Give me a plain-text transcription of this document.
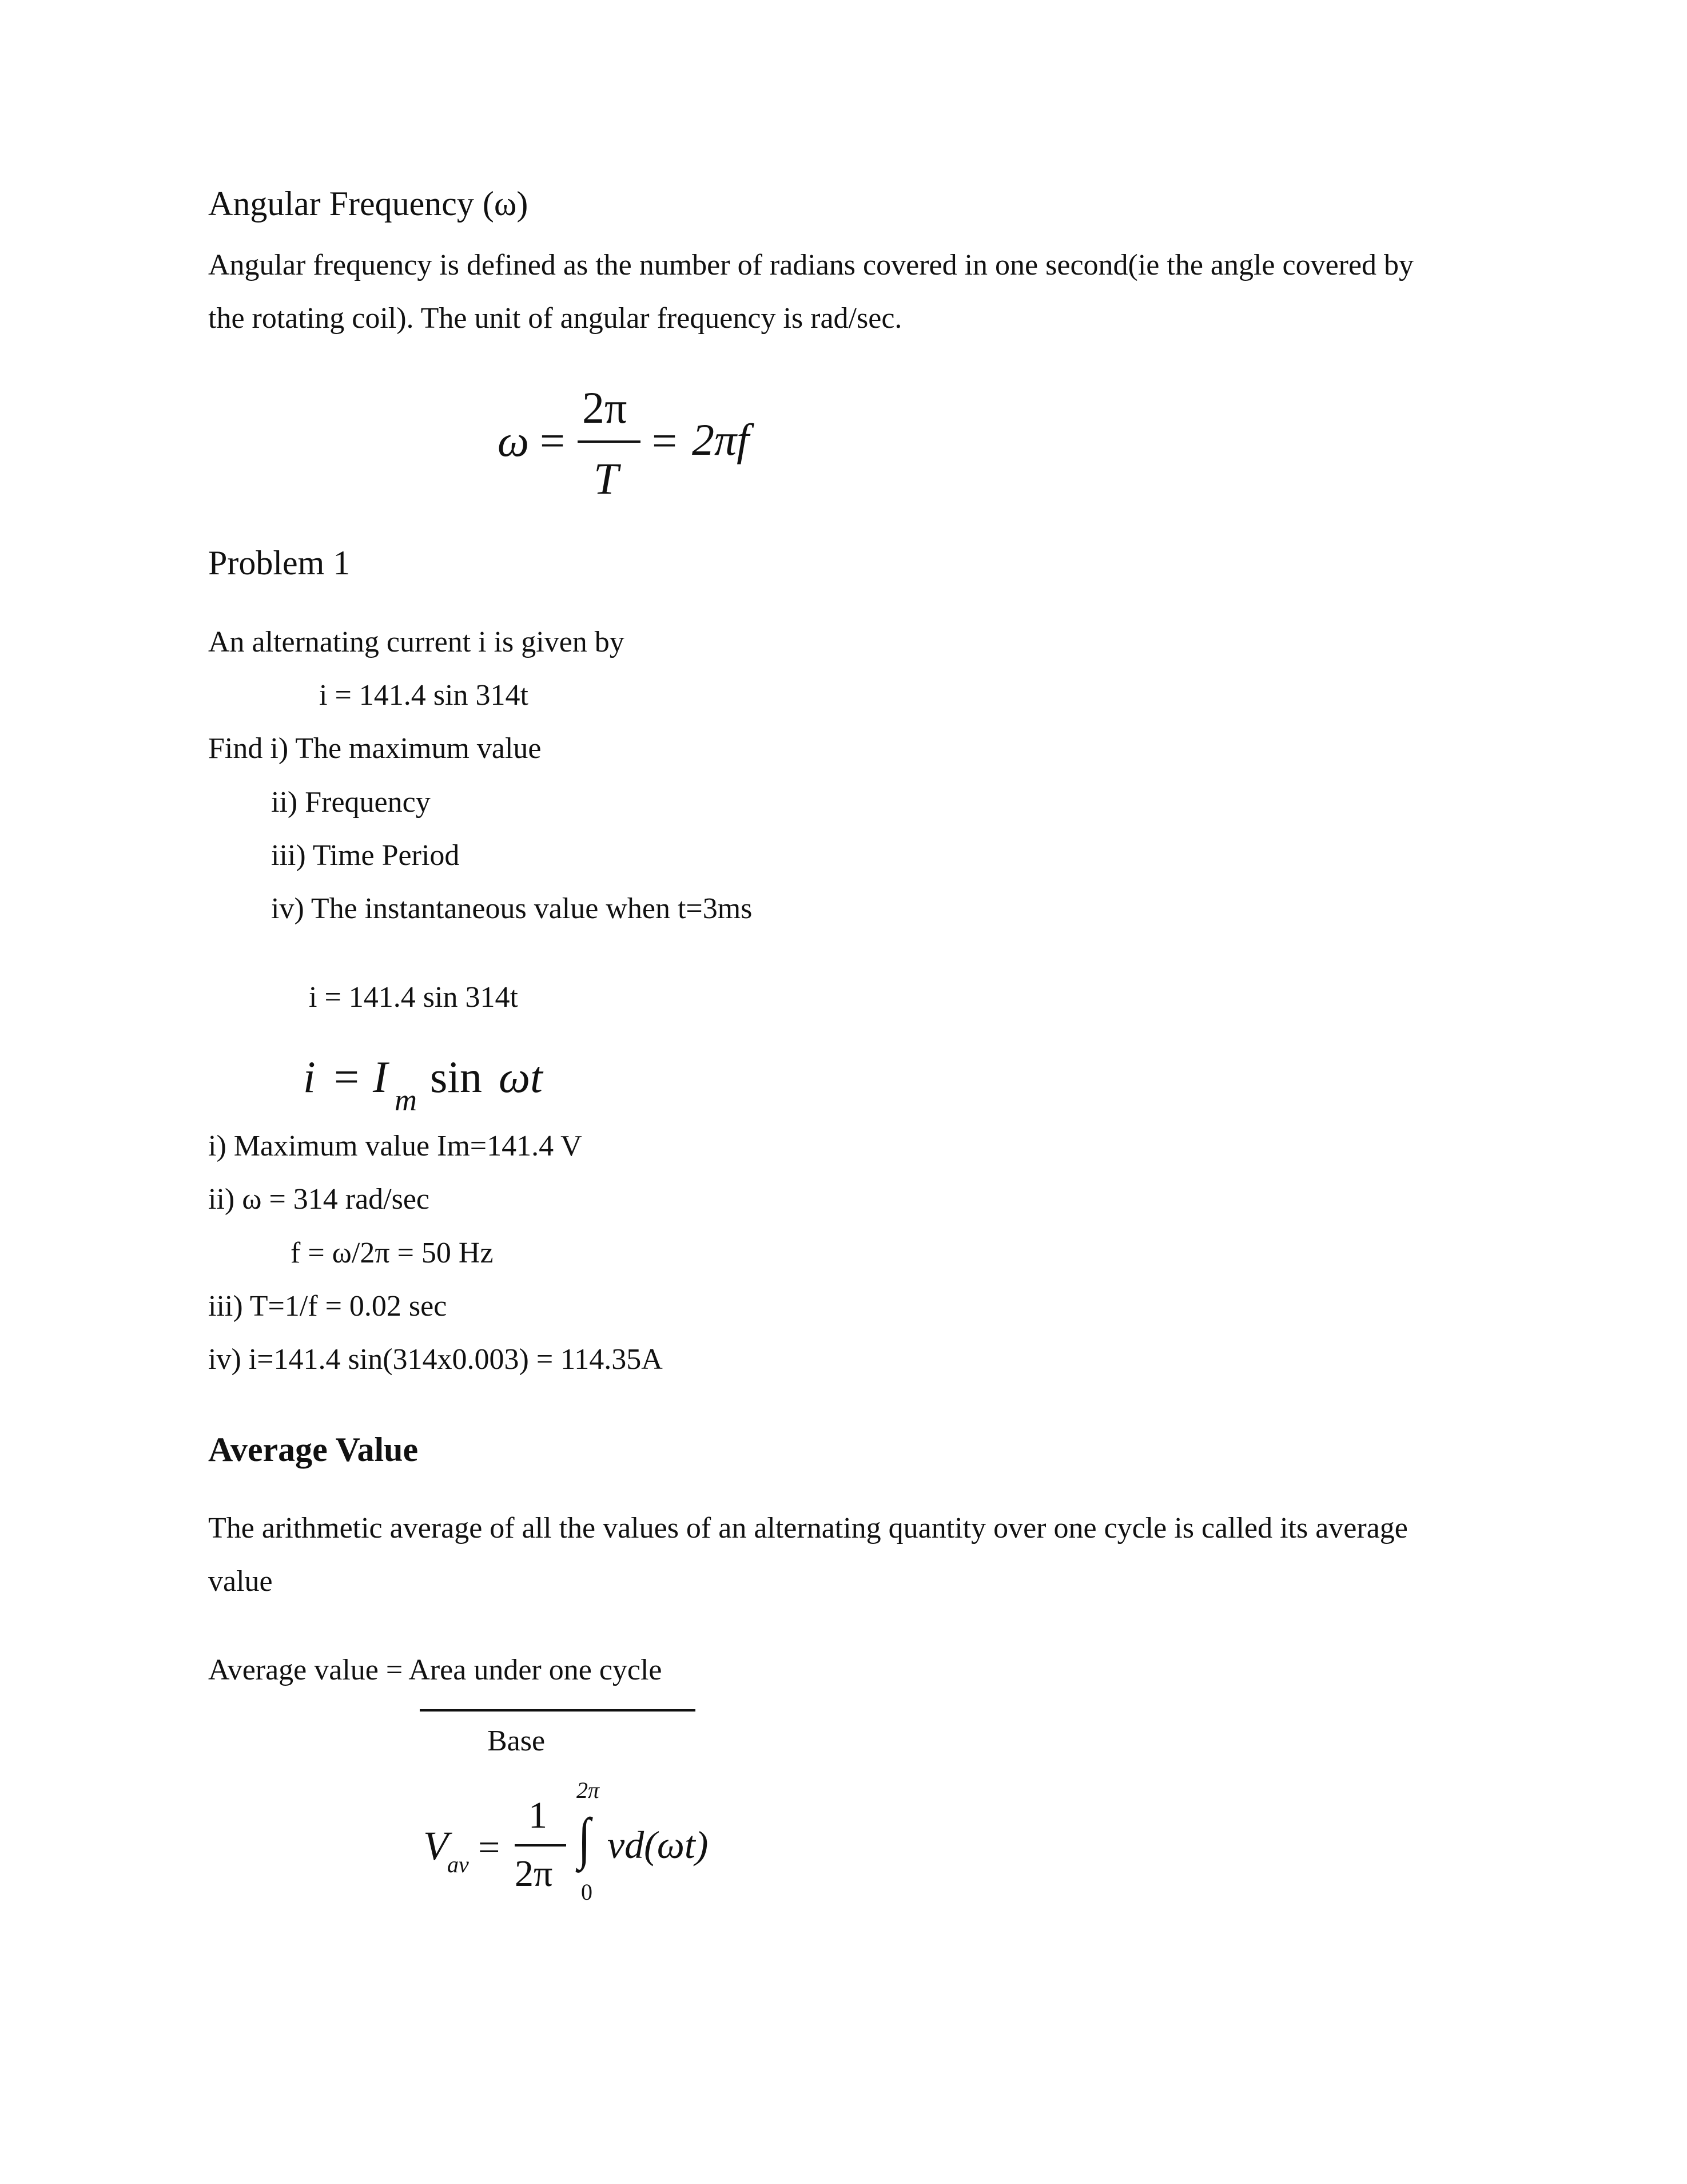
Angular Frequency (ω)
Angular frequency is defined as the number of radians covered in one second(ie the angle covered by
the rotating coil). The unit of angular frequency is rad/sec.
ω =
2π
T
= 2πf
Problem 1
An alternating current i is given by
i = 141.4 sin 314t
Find i) The maximum value
ii) Frequency
iii) Time Period
iv) The instantaneous value when t=3ms
i = 141.4 sin 314t
i = I m sin ωt
i) Maximum value Im=141.4 V
ii) ω = 314 rad/sec
f = ω/2π = 50 Hz
iii) T=1/f = 0.02 sec
iv) i=141.4 sin(314x0.003) = 114.35A
Average Value
The arithmetic average of all the values of an alternating quantity over one cycle is called its average
value
Average value = Area under one cycle
Base
V
av =
1
2π
2π
∫
0
vd(ωt)
